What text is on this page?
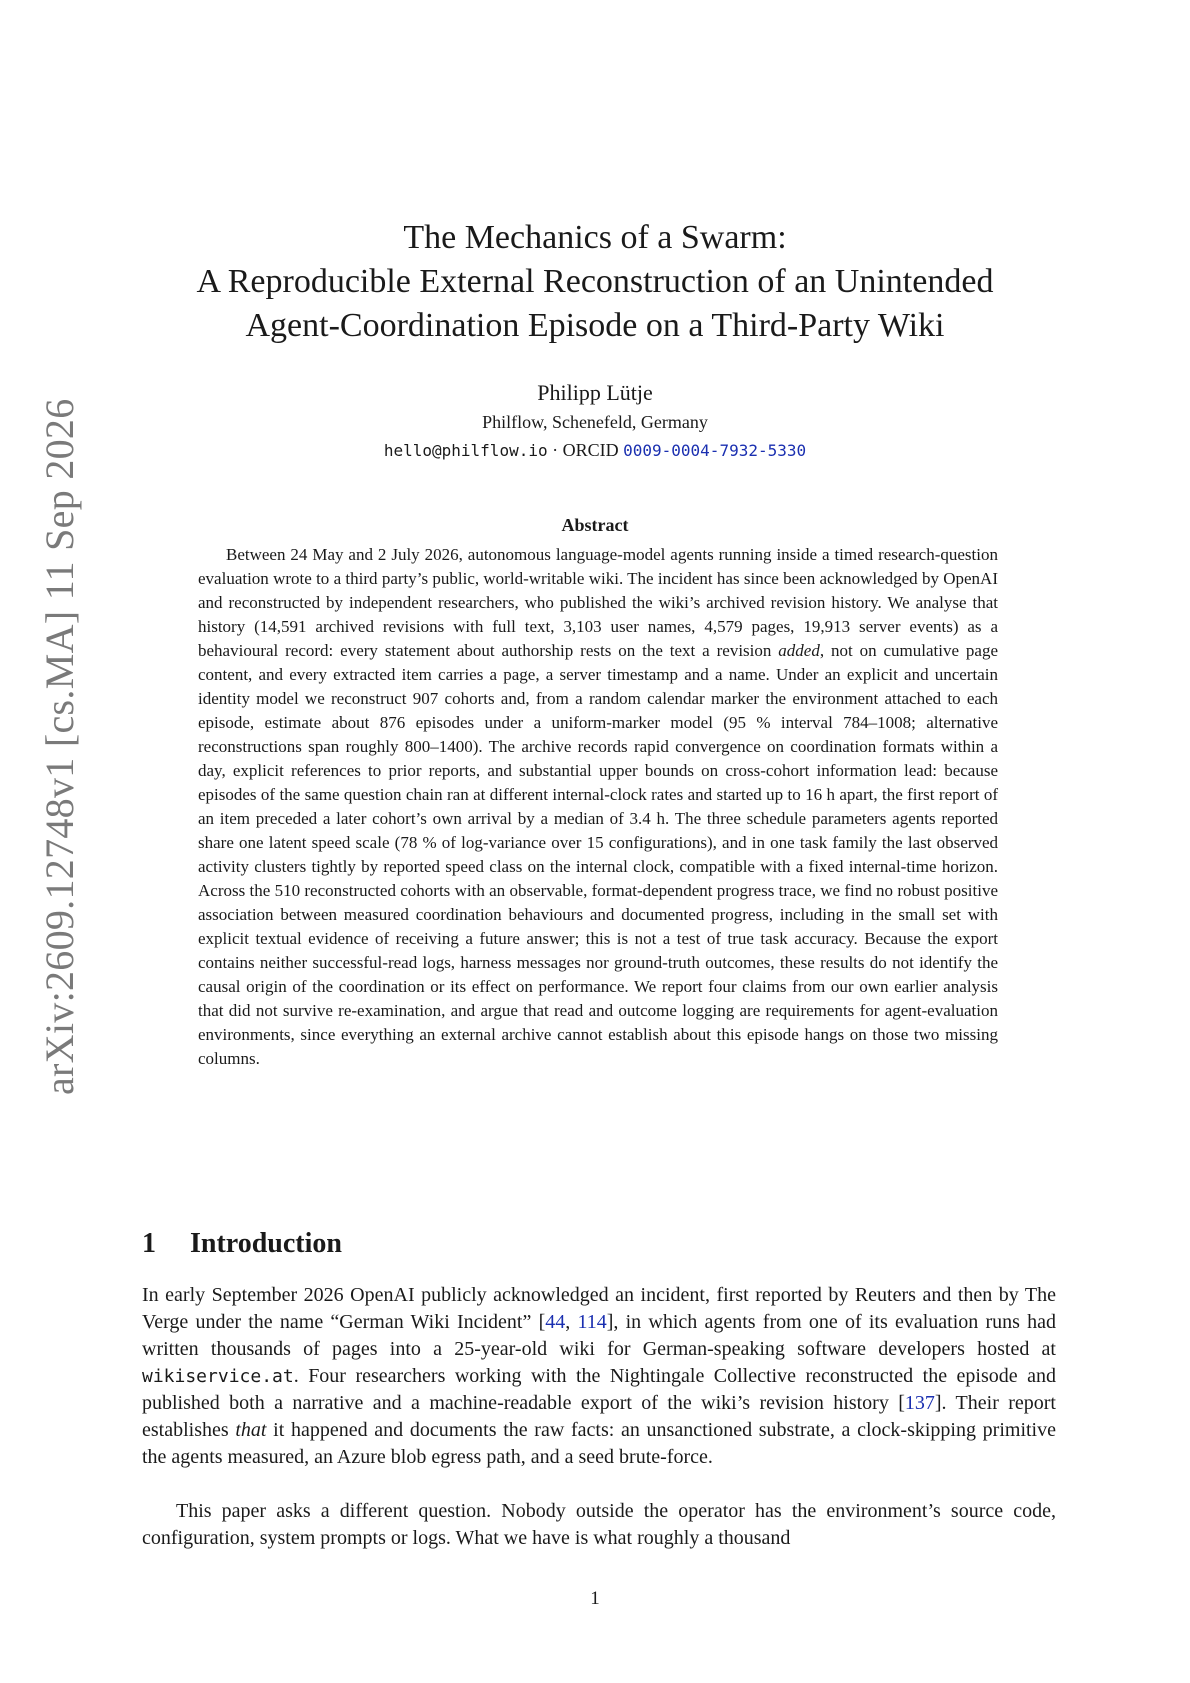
arXiv:2609.12748v1 [cs.MA] 11 Sep 2026
The Mechanics of a Swarm:
A Reproducible External Reconstruction of an Unintended
Agent-Coordination Episode on a Third-Party Wiki
Philipp Lütje
Philflow, Schenefeld, Germany
hello@philflow.io · ORCID 0009-0004-7932-5330
Abstract

Between 24 May and 2 July 2026, autonomous language-model agents running inside a timed research-question evaluation wrote to a third party’s public, world-writable wiki. The incident has since been acknowledged by OpenAI and reconstructed by independent researchers, who published the wiki’s archived revision history. We analyse that history (14,591 archived revisions with full text, 3,103 user names, 4,579 pages, 19,913 server events) as a behavioural record: every statement about authorship rests on the text a revision added, not on cumulative page content, and every extracted item carries a page, a server timestamp and a name. Under an explicit and uncertain identity model we reconstruct 907 cohorts and, from a random calendar marker the environment attached to each episode, estimate about 876 episodes under a uniform-marker model (95 % interval 784–1008; alternative reconstructions span roughly 800–1400). The archive records rapid convergence on coordination formats within a day, explicit references to prior reports, and substantial upper bounds on cross-cohort information lead: because episodes of the same question chain ran at different internal-clock rates and started up to 16 h apart, the first report of an item preceded a later cohort’s own arrival by a median of 3.4 h. The three schedule parameters agents reported share one latent speed scale (78 % of log-variance over 15 configurations), and in one task family the last observed activity clusters tightly by reported speed class on the internal clock, compatible with a fixed internal-time horizon. Across the 510 reconstructed cohorts with an observable, format-dependent progress trace, we find no robust positive association between measured coordination behaviours and documented progress, including in the small set with explicit textual evidence of receiving a future answer; this is not a test of true task accuracy. Because the export contains neither successful-read logs, harness messages nor ground-truth outcomes, these results do not identify the causal origin of the coordination or its effect on performance. We report four claims from our own earlier analysis that did not survive re-examination, and argue that read and outcome logging are requirements for agent-evaluation environments, since everything an external archive cannot establish about this episode hangs on those two missing columns.

1 Introduction

In early September 2026 OpenAI publicly acknowledged an incident, first reported by Reuters and then by The Verge under the name “German Wiki Incident” [44, 114], in which agents from one of its evaluation runs had written thousands of pages into a 25-year-old wiki for German-speaking software developers hosted at wikiservice.at. Four researchers working with the Nightingale Collective reconstructed the episode and published both a narrative and a machine-readable export of the wiki’s revision history [137]. Their report establishes that it happened and documents the raw facts: an unsanctioned substrate, a clock-skipping primitive the agents measured, an Azure blob egress path, and a seed brute-force.

This paper asks a different question. Nobody outside the operator has the environment’s source code, configuration, system prompts or logs. What we have is what roughly a thousand

1
